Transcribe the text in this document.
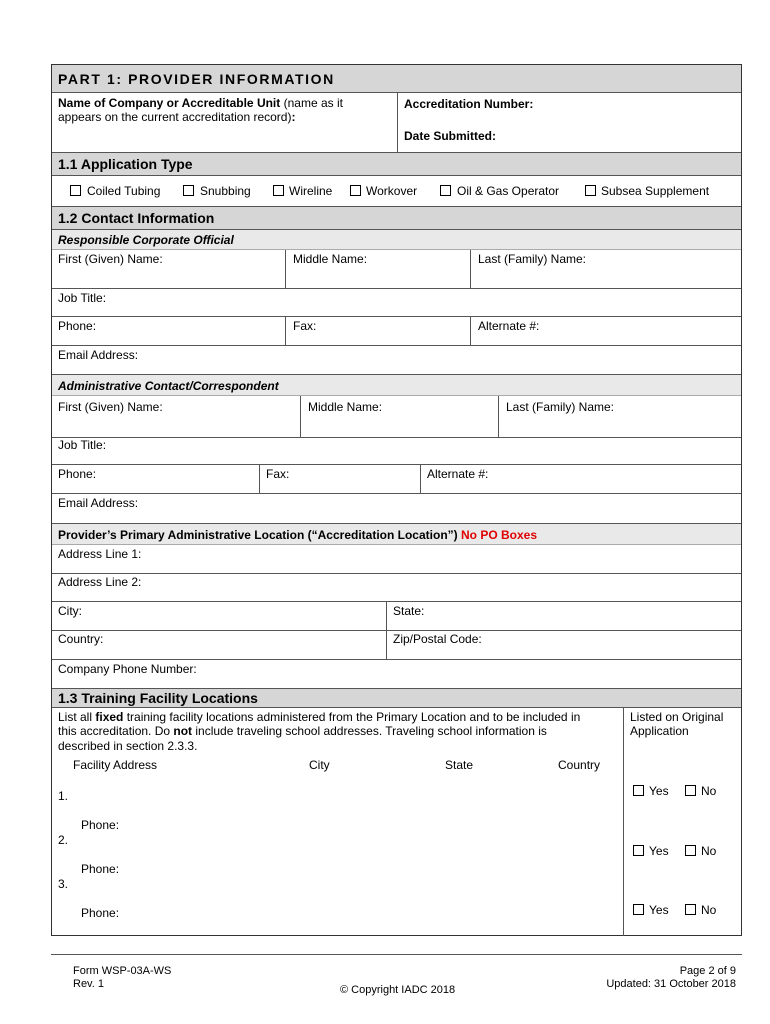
PART 1: PROVIDER INFORMATION
Name of Company or Accreditable Unit (name as it
appears on the current accreditation record):
Accreditation Number:
Date Submitted:
1.1 Application Type
Coiled Tubing	Snubbing	Wireline	Workover	Oil & Gas Operator	Subsea Supplement
1.2 Contact Information
Responsible Corporate Official
First (Given) Name:	Middle Name:	Last (Family) Name:
Job Title:
Phone:	Fax:	Alternate #:
Email Address:
Administrative Contact/Correspondent
First (Given) Name:	Middle Name:	Last (Family) Name:
Job Title:
Phone:	Fax:	Alternate #:
Email Address:
Provider’s Primary Administrative Location (“Accreditation Location”) No PO Boxes
Address Line 1:
Address Line 2:
City:	State:
Country:	Zip/Postal Code:
Company Phone Number:
1.3 Training Facility Locations
List all fixed training facility locations administered from the Primary Location and to be included in
this accreditation. Do not include traveling school addresses. Traveling school information is
described in section 2.3.3.
Listed on Original
Application
Facility Address	City	State	Country
1.
Phone:
2.
Phone:
3.
Phone:
Yes	No
Yes	No
Yes	No
Form WSP-03A-WS
Rev. 1	© Copyright IADC 2018
Page 2 of 9
Updated: 31 October 2018
